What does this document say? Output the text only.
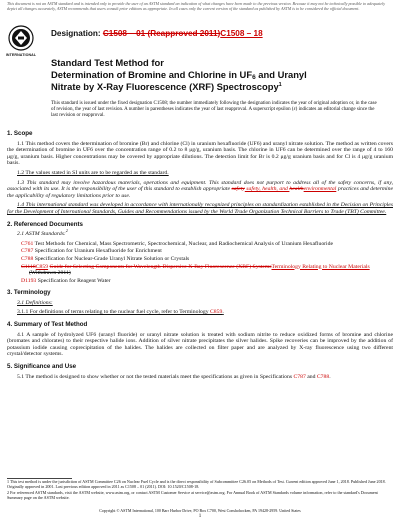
This document is not an ASTM standard and is intended only to provide the user of an ASTM standard an indication of what changes have been made to the previous version. Because it may not be technically possible to adequately depict all changes accurately, ASTM recommends that users consult prior editions as appropriate. In all cases only the current version of the standard as published by ASTM is to be considered the official document.
INTERNATIONAL
Designation: C1508 – 01 (Reapproved 2011)C1508 – 18
Standard Test Method for
Determination of Bromine and Chlorine in $UF_6$ and Uranyl
Nitrate by X-Ray Fluorescence (XRF) Spectroscopy$^1$
This standard is issued under the fixed designation C1508; the number immediately following the designation indicates the year of original adoption or, in the case of revision, the year of last revision. A number in parentheses indicates the year of last reapproval. A superscript epsilon (ε) indicates an editorial change since the last revision or reapproval.
1. Scope

1.1 This method covers the determination of bromine (Br) and chlorine (Cl) in uranium hexafluoride (UF6) and uranyl nitrate solution. The method as written covers the determination of bromine in UF6 over the concentration range of 0.2 to 8 μg/g, uranium basis. The chlorine in UF6 can be determined over the range of 4 to 160 μg/g, uranium basis. Higher concentrations may be covered by appropriate dilutions. The detection limit for Br is 0.2 μg/g uranium basis and for Cl is 4 μg/g uranium basis.

1.2 The values stated in SI units are to be regarded as the standard.

1.3 This standard may involve hazardous materials, operations and equipment. This standard does not purport to address all of the safety concerns, if any, associated with its use. It is the responsibility of the user of this standard to establish appropriate safety safety, health, and healthenvironmental practices and determine the applicability of regulatory limitations prior to use.

1.4 This international standard was developed in accordance with internationally recognized principles on standardization established in the Decision on Principles for the Development of International Standards, Guides and Recommendations issued by the World Trade Organization Technical Barriers to Trade (TBT) Committee.

2. Referenced Documents

2.1 ASTM Standards:$^2$

C761 Test Methods for Chemical, Mass Spectrometric, Spectrochemical, Nuclear, and Radiochemical Analysis of Uranium Hexafluoride
C787 Specification for Uranium Hexafluoride for Enrichment
C788 Specification for Nuclear-Grade Uranyl Nitrate Solution or Crystals
C1118C859 Guide for Selecting Components for Wavelength-Dispersive X-Ray Fluorescence (XRF) SystemsTerminology Relating to Nuclear Materials (Withdrawn 2011)
D1193 Specification for Reagent Water
3. Terminology

3.1 Definitions:

3.1.1 For definitions of terms relating to the nuclear fuel cycle, refer to Terminology C859.

4. Summary of Test Method

4.1 A sample of hydrolyzed UF6 (uranyl fluoride) or uranyl nitrate solution is treated with sodium nitrite to reduce oxidized forms of bromine and chlorine (bromates and chlorates) to their respective halide ions. Addition of silver nitrate precipitates the silver halides. Spike recoveries can be improved by the addition of potassium iodide causing coprecipitation of the halides. The halides are collected on filter paper and are analyzed by X-ray fluorescence using two different crystal/detector systems.

5. Significance and Use

5.1 The method is designed to show whether or not the tested materials meet the specifications as given in Specifications C787 and C788.

1 This test method is under the jurisdiction of ASTM Committee C26 on Nuclear Fuel Cycle and is the direct responsibility of Subcommittee C26.05 on Methods of Test. Current edition approved June 1, 2018. Published June 2018. Originally approved in 2001. Last previous edition approved in 2011 as C1508 – 01 (2011). DOI: 10.1520/C1508-18.

2 For referenced ASTM standards, visit the ASTM website, www.astm.org, or contact ASTM Customer Service at service@astm.org. For Annual Book of ASTM Standards volume information, refer to the standard's Document Summary page on the ASTM website.

Copyright © ASTM International, 100 Barr Harbor Drive, PO Box C700, West Conshohocken, PA 19428-2959. United States
1
